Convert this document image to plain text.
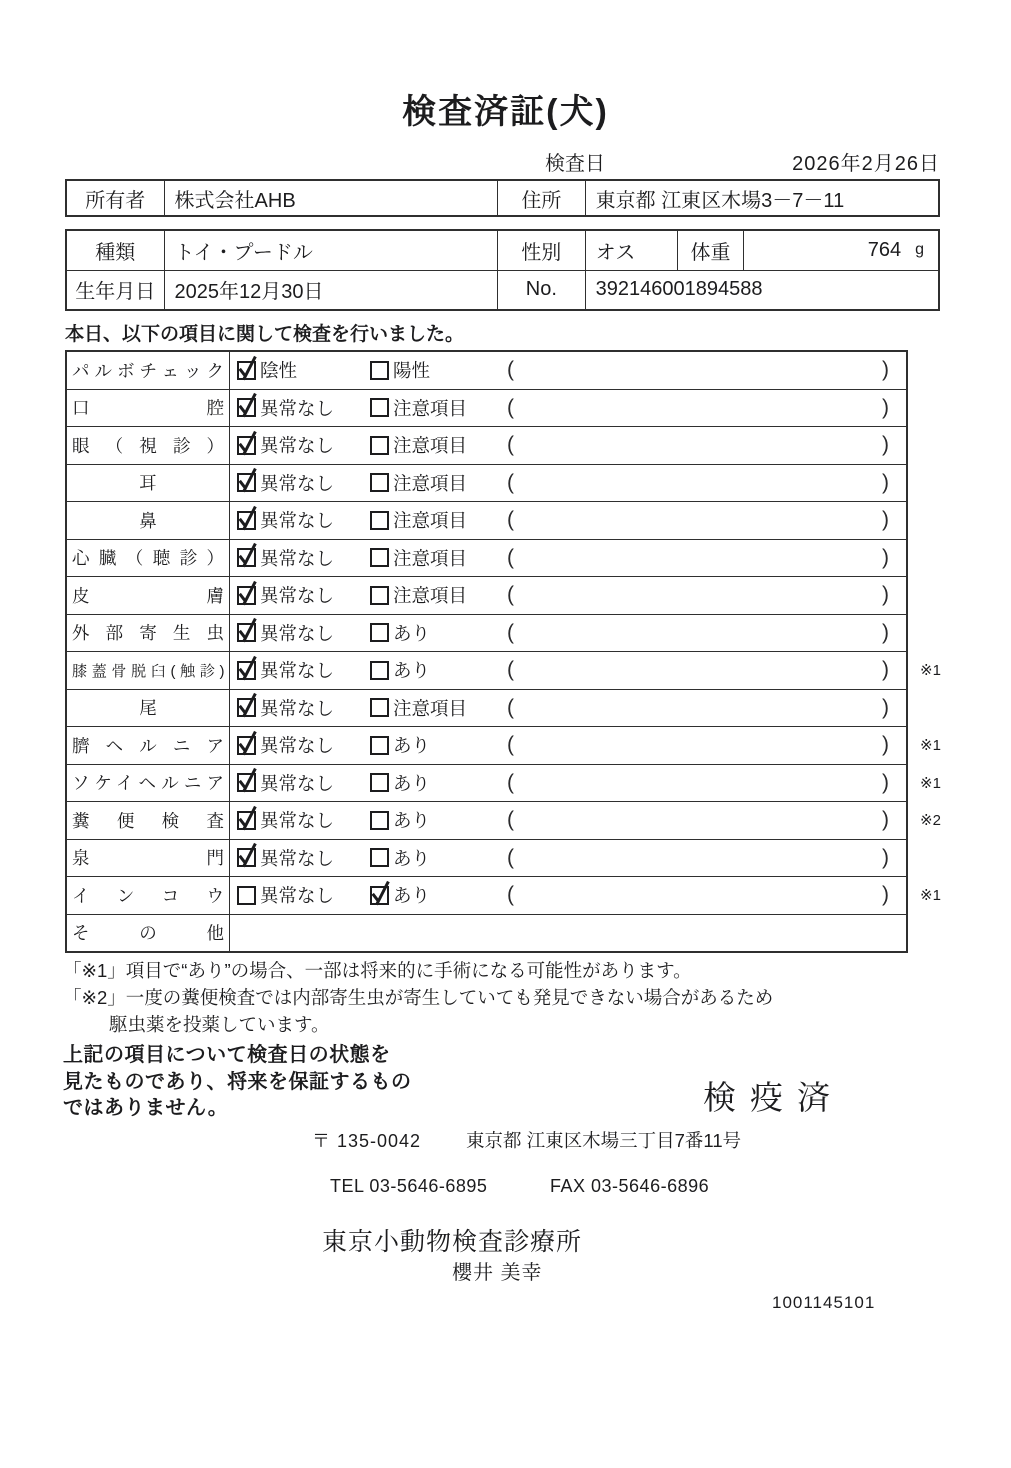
検査済証(犬)
検査日	2026年2月26日
所有者	株式会社AHB	住所	東京都 江東区木場3－7－11
種類	トイ・プードル	性別	オス	体重	764 g
生年月日 2025年12月30日	No.	392146001894588
本日、以下の項目に関して検査を行いました。
パルボチェック 陰性	陽性	(	)
口腔 異常なし	注意項目 (	)
眼（視診） 異常なし	注意項目 (	)
耳	異常なし	注意項目 (	)
鼻	異常なし	注意項目 (	)
心臓（聴診） 異常なし	注意項目 (	)
皮膚 異常なし	注意項目 (	)
外部寄生虫 異常なし	あり	(	)
膝蓋骨脱臼(触診) 異常なし	あり	(	) ※1
尾	異常なし	注意項目 (	)
臍ヘルニア 異常なし	あり	(	) ※1
ソケイヘルニア 異常なし	あり	(	) ※1
糞便検査 異常なし	あり	(	) ※2
泉門 異常なし	あり	(	)
インコウ 異常なし	あり	(	) ※1
その他
「※1」項目で“あり”の場合、一部は将来的に手術になる可能性があります。
「※2」一度の糞便検査では内部寄生虫が寄生していても発見できない場合があるため
駆虫薬を投薬しています。
上記の項目について検査日の状態を
見たものであり、将来を保証するもの
ではありません。	検疫済
〒 135-0042 東京都 江東区木場三丁目7番11号
TEL 03-5646-6895	FAX 03-5646-6896
東京小動物検査診療所
櫻井 美幸
1001145101
